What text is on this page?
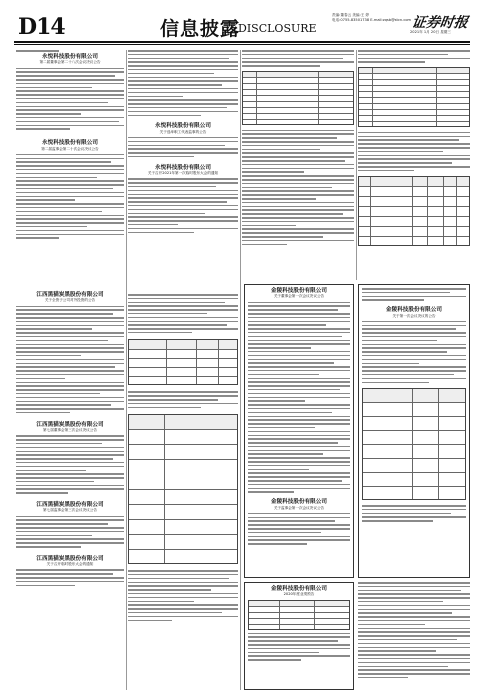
D14	信息披露
DISCLOSURE
责编:董春云 美编:王 婷
电话:0755-83501738 E-mail:zqsb@stcn.com 证券时报
2021年 1月 20日 星期三
永悦科技股份有限公司
第二届董事会第二十八次会议决议公告
永悦科技股份有限公司
第二届监事会第二十次会议决议公告
江西黑猫炭黑股份有限公司
关于全资子公司对外投资的公告
江西黑猫炭黑股份有限公司
第七届董事会第三次会议决议公告
江西黑猫炭黑股份有限公司
第七届监事会第三次会议决议公告
江西黑猫炭黑股份有限公司
关于召开临时股东大会的通知
永悦科技股份有限公司
关于选举职工代表监事的公告
永悦科技股份有限公司
关于召开2021年第一次临时股东大会的通知
金陵科技股份有限公司
关于董事会第一次会议决议公告
金陵科技股份有限公司
关于监事会第一次会议决议公告
金陵科技股份有限公司
2020年度业绩预告
金陵科技股份有限公司
关于第一次会议决议的公告
